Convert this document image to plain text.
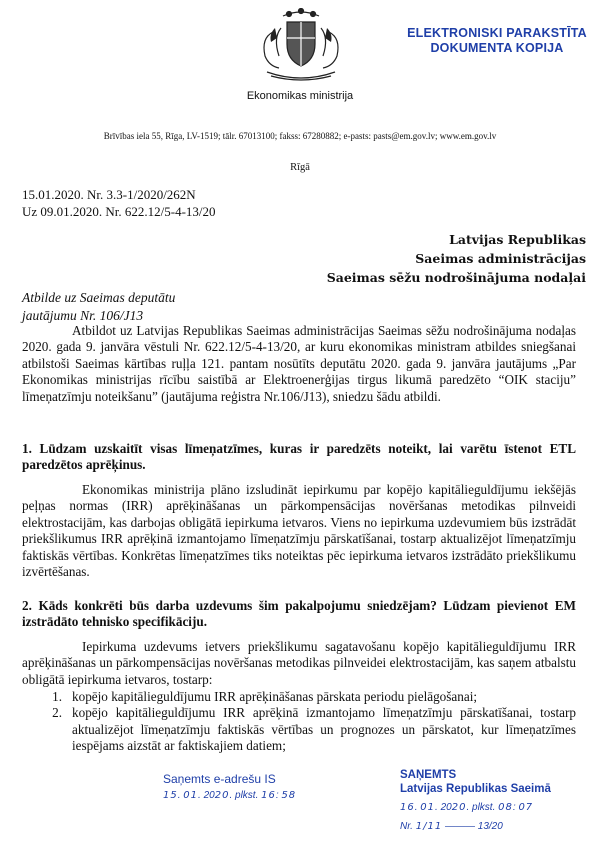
Ekonomikas ministrija
ELEKTRONISKI PARAKSTĪTA
DOKUMENTA KOPIJA
Brīvības iela 55, Rīga, LV-1519; tālr. 67013100; fakss: 67280882; e-pasts: pasts@em.gov.lv; www.em.gov.lv
Rīgā
15.01.2020. Nr. 3.3-1/2020/262N
Uz 09.01.2020. Nr. 622.12/5-4-13/20
Latvijas Republikas
Saeimas administrācijas
Saeimas sēžu nodrošinājuma nodaļai
Atbilde uz Saeimas deputātu
jautājumu Nr. 106/J13
Atbildot uz Latvijas Republikas Saeimas administrācijas Saeimas sēžu nodrošinājuma nodaļas 2020. gada 9. janvāra vēstuli Nr. 622.12/5-4-13/20, ar kuru ekonomikas ministram atbildes sniegšanai atbilstoši Saeimas kārtības ruļļa 121. pantam nosūtīts deputātu 2020. gada 9. janvāra jautājums „Par Ekonomikas ministrijas rīcību saistībā ar Elektroenerģijas tirgus likumā paredzēto “OIK staciju” līmeņatzīmju noteikšanu” (jautājuma reģistra Nr.106/J13), sniedzu šādu atbildi.
1. Lūdzam uzskaitīt visas līmeņatzīmes, kuras ir paredzēts noteikt, lai varētu īstenot ETL paredzētos aprēķinus.
Ekonomikas ministrija plāno izsludināt iepirkumu par kopējo kapitālieguldījumu iekšējās peļņas normas (IRR) aprēķināšanas un pārkompensācijas novēršanas metodikas pilnveidi elektrostacijām, kas darbojas obligātā iepirkuma ietvaros. Viens no iepirkuma uzdevumiem būs izstrādāt priekšlikumus IRR aprēķinā izmantojamo līmeņatzīmju pārskatīšanai, tostarp aktualizējot līmeņatzīmju faktiskās vērtības. Konkrētas līmeņatzīmes tiks noteiktas pēc iepirkuma ietvaros izstrādāto priekšlikumu izvērtēšanas.
2. Kāds konkrēti būs darba uzdevums šim pakalpojumu sniedzējam? Lūdzam pievienot EM izstrādāto tehnisko specifikāciju.
Iepirkuma uzdevums ietvers priekšlikumu sagatavošanu kopējo kapitālieguldījumu IRR aprēķināšanas un pārkompensācijas novēršanas metodikas pilnveidei elektrostacijām, kas saņem atbalstu obligātā iepirkuma ietvaros, tostarp:
1. kopējo kapitālieguldījumu IRR aprēķināšanas pārskata periodu pielāgošanai;
2. kopējo kapitālieguldījumu IRR aprēķinā izmantojamo līmeņatzīmju pārskatīšanai, tostarp aktualizējot līmeņatzīmju faktiskās vērtības un prognozes un pārskatot, kur līmeņatzīmes iespējams aizstāt ar faktiskajiem datiem;
Saņemts e-adrešu IS
15. 01. 2020. plkst. 16: 58
SAŅEMTS
Latvijas Republikas Saeimā
16. 01. 2020. plkst. 08: 07
Nr. 1/11 ——— 13/20
